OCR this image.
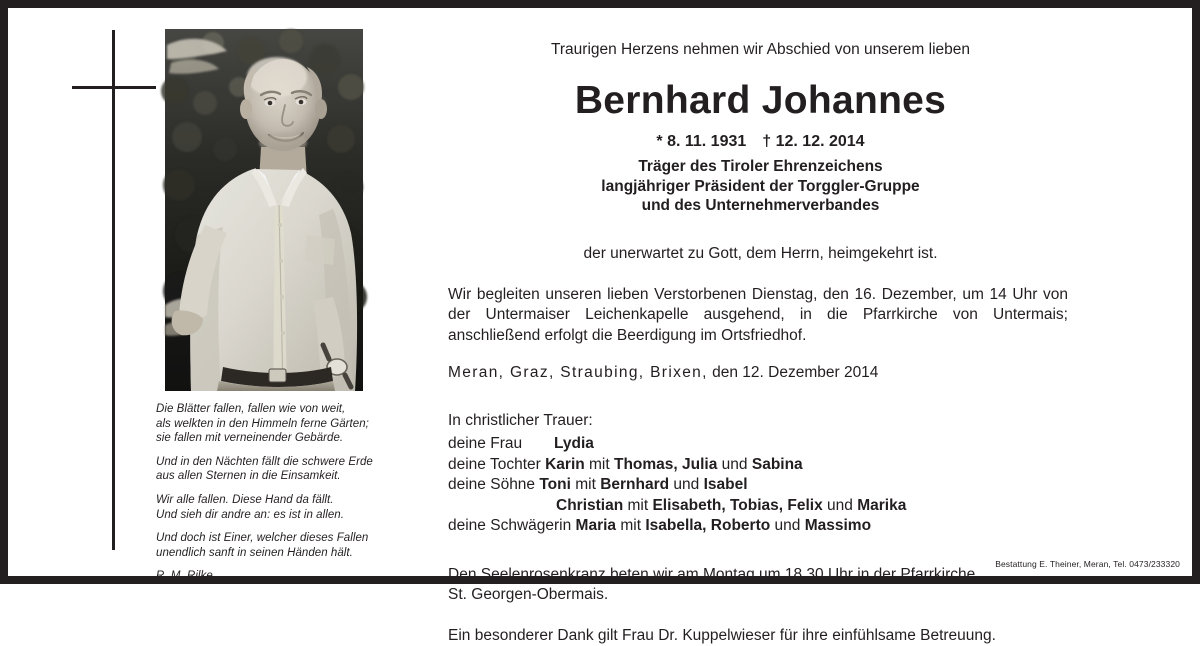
Die Blätter fallen, fallen wie von weit,
als welkten in den Himmeln ferne Gärten;
sie fallen mit verneinender Gebärde.
Und in den Nächten fällt die schwere Erde
aus allen Sternen in die Einsamkeit.
Wir alle fallen. Diese Hand da fällt.
Und sieh dir andre an: es ist in allen.
Und doch ist Einer, welcher dieses Fallen
unendlich sanft in seinen Händen hält.
R. M. Rilke

Traurigen Herzens nehmen wir Abschied von unserem lieben

Bernhard Johannes

* 8. 11. 1931 † 12. 12. 2014

Träger des Tiroler Ehrenzeichens
langjähriger Präsident der Torggler-Gruppe
und des Unternehmerverbandes

der unerwartet zu Gott, dem Herrn, heimgekehrt ist.

Wir begleiten unseren lieben Verstorbenen Dienstag, den 16. Dezember, um 14 Uhr von der Untermaiser Leichenkapelle ausgehend, in die Pfarrkirche von Untermais; anschließend erfolgt die Beerdigung im Ortsfriedhof.

Meran, Graz, Straubing, Brixen, den 12. Dezember 2014

In christlicher Trauer:

deine Frau Lydia
deine Tochter Karin mit Thomas, Julia und Sabina
deine Söhne Toni mit Bernhard und Isabel
Christian mit Elisabeth, Tobias, Felix und Marika
deine Schwägerin Maria mit Isabella, Roberto und Massimo

Den Seelenrosenkranz beten wir am Montag um 18.30 Uhr in der Pfarrkirche
St. Georgen-Obermais.

Ein besonderer Dank gilt Frau Dr. Kuppelwieser für ihre einfühlsame Betreuung.

Bestattung E. Theiner, Meran, Tel. 0473/233320
